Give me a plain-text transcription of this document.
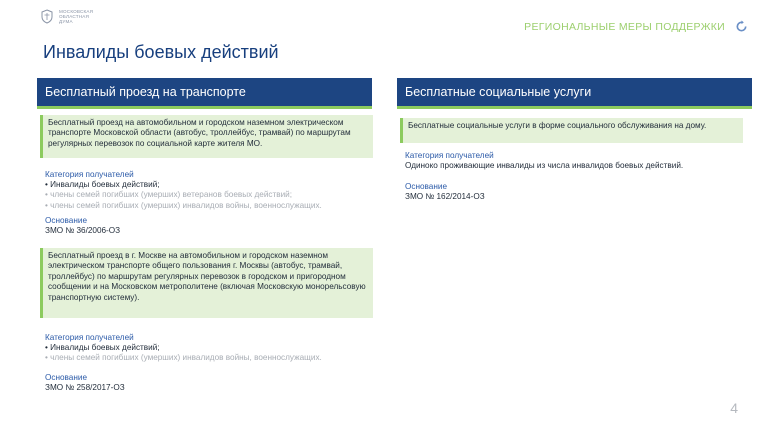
МОСКОВСКАЯ
ОБЛАСТНАЯ
ДУМА	РЕГИОНАЛЬНЫЕ МЕРЫ ПОДДЕРЖКИ
Инвалиды боевых действий
Бесплатный проезд на транспорте	Бесплатные социальные услуги
Бесплатный проезд на автомобильном и городском наземном электрическом транспорте Московской области (автобус, троллейбус, трамвай) по маршрутам регулярных перевозок по социальной карте жителя МО.
Категория получателей
• Инвалиды боевых действий;
• члены семей погибших (умерших) ветеранов боевых действий;
• члены семей погибших (умерших) инвалидов войны, военнослужащих.
Основание
ЗМО № 36/2006-ОЗ
Бесплатный проезд в г. Москве на автомобильном и городском наземном электрическом транспорте общего пользования г. Москвы (автобус, трамвай, троллейбус) по маршрутам регулярных перевозок в городском и пригородном сообщении и на Московском метрополитене (включая Московскую монорельсовую транспортную систему).
Категория получателей
• Инвалиды боевых действий;
• члены семей погибших (умерших) инвалидов войны, военнослужащих.
Основание
ЗМО № 258/2017-ОЗ
Бесплатные социальные услуги в форме социального обслуживания на дому.
Категория получателей
Одиноко проживающие инвалиды из числа инвалидов боевых действий.
Основание
ЗМО № 162/2014-ОЗ
4
